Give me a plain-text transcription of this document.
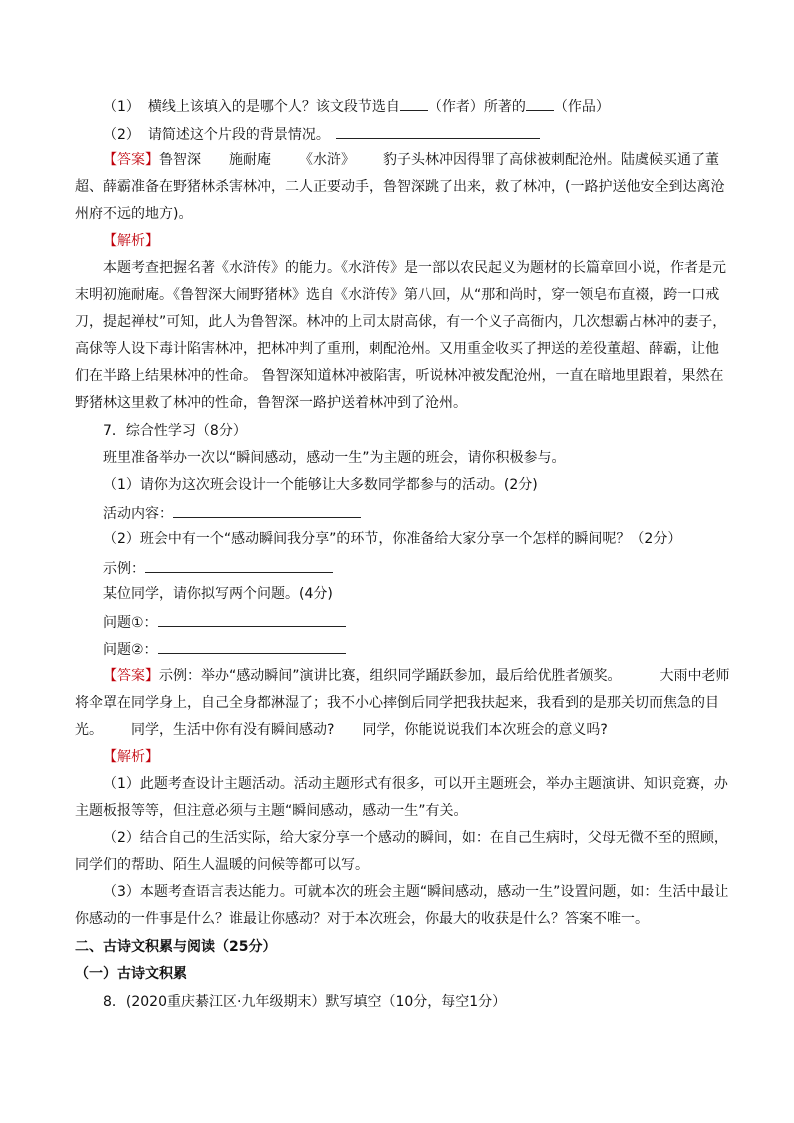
（1） 横线上该填入的是哪个人？该文段节选自 （作者）所著的 （作品）
（2） 请简述这个片段的背景情况。
【答案】鲁智深 施耐庵 《水浒》 豹子头林冲因得罪了高俅被刺配沧州。陆虞候买通了董
超、薛霸准备在野猪林杀害林冲，二人正要动手，鲁智深跳了出来，救了林冲，(一路护送他安全到达离沧
州府不远的地方)。
【解析】
本题考查把握名著《水浒传》的能力。《水浒传》是一部以农民起义为题材的长篇章回小说，作者是元
末明初施耐庵。《鲁智深大闹野猪林》选自《水浒传》第八回，从“那和尚时，穿一领皂布直裰，跨一口戒
刀，提起禅杖”可知，此人为鲁智深。林冲的上司太尉高俅，有一个义子高衙内，几次想霸占林冲的妻子，
高俅等人设下毒计陷害林冲，把林冲判了重刑，刺配沧州。又用重金收买了押送的差役董超、薛霸，让他
们在半路上结果林冲的性命。 鲁智深知道林冲被陷害，听说林冲被发配沧州，一直在暗地里跟着，果然在
野猪林这里救了林冲的性命，鲁智深一路护送着林冲到了沧州。
7．综合性学习（8分）
班里准备举办一次以“瞬间感动，感动一生”为主题的班会，请你积极参与。
（1）请你为这次班会设计一个能够让大多数同学都参与的活动。(2分)
活动内容：
（2）班会中有一个“感动瞬间我分享”的环节，你准备给大家分享一个怎样的瞬间呢？（2分）
示例：
某位同学，请你拟写两个问题。(4分)
问题①：
问题②：
【答案】示例：举办“感动瞬间”演讲比赛，组织同学踊跃参加，最后给优胜者颁奖。	大雨中老师
将伞罩在同学身上，自己全身都淋湿了；我不小心摔倒后同学把我扶起来，我看到的是那关切而焦急的目
光。 同学，生活中你有没有瞬间感动? 同学，你能说说我们本次班会的意义吗?
【解析】
（1）此题考查设计主题活动。活动主题形式有很多，可以开主题班会，举办主题演讲、知识竞赛，办
主题板报等等，但注意必须与主题“瞬间感动，感动一生”有关。
（2）结合自己的生活实际，给大家分享一个感动的瞬间，如：在自己生病时，父母无微不至的照顾，
同学们的帮助、陌生人温暖的问候等都可以写。
（3）本题考查语言表达能力。可就本次的班会主题“瞬间感动，感动一生”设置问题，如：生活中最让
你感动的一件事是什么？谁最让你感动？对于本次班会，你最大的收获是什么？答案不唯一。
二、古诗文积累与阅读（25分）
（一）古诗文积累
8．(2020重庆綦江区·九年级期末）默写填空（10分，每空1分）
